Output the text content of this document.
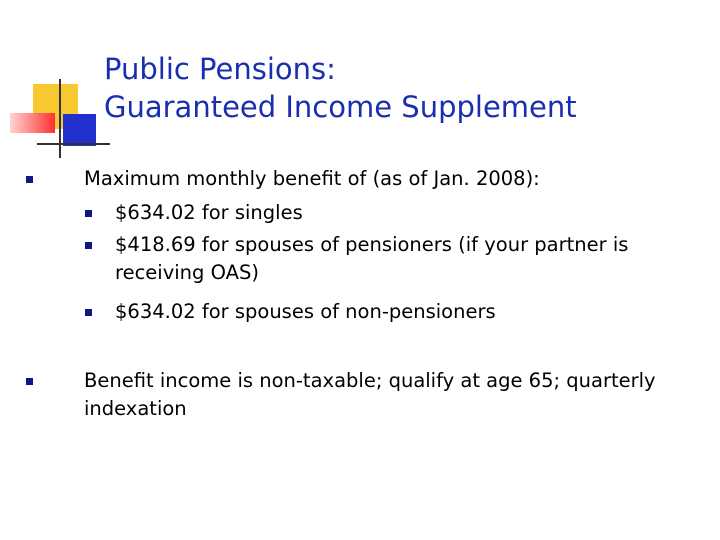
Public Pensions:
Guaranteed Income Supplement
Maximum monthly benefit of (as of Jan. 2008):
$634.02 for singles
$418.69 for spouses of pensioners (if your partner is
receiving OAS)
$634.02 for spouses of non-pensioners
Benefit income is non-taxable; qualify at age 65; quarterly
indexation
